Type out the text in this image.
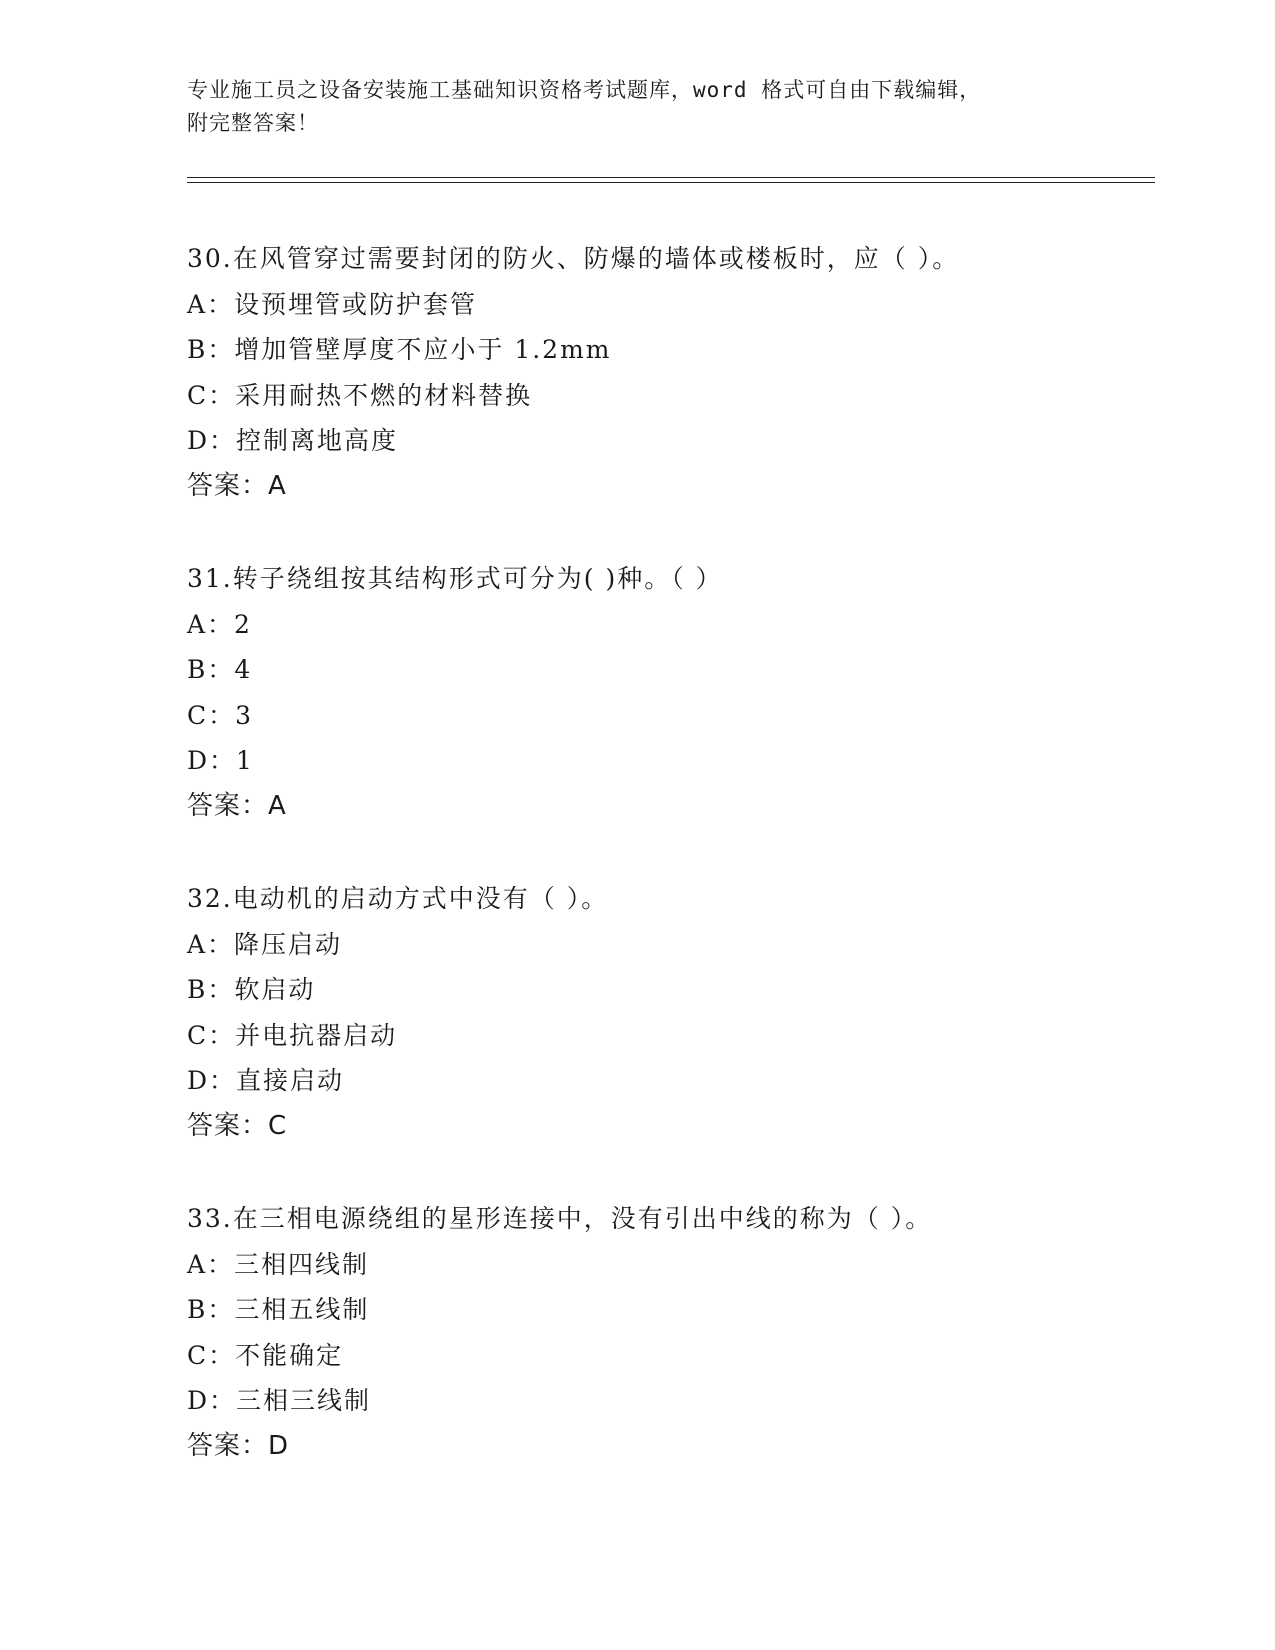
专业施工员之设备安装施工基础知识资格考试题库，word 格式可自由下载编辑，
附完整答案！
30.在风管穿过需要封闭的防火、防爆的墙体或楼板时，应（ ）。
A：设预埋管或防护套管
B：增加管壁厚度不应小于 1.2mm
C：采用耐热不燃的材料替换
D：控制离地高度
答案：A
31.转子绕组按其结构形式可分为( )种。（ ）
A：2
B：4
C：3
D：1
答案：A
32.电动机的启动方式中没有（ ）。
A：降压启动
B：软启动
C：并电抗器启动
D：直接启动
答案：C
33.在三相电源绕组的星形连接中，没有引出中线的称为（ ）。
A：三相四线制
B：三相五线制
C：不能确定
D：三相三线制
答案：D
